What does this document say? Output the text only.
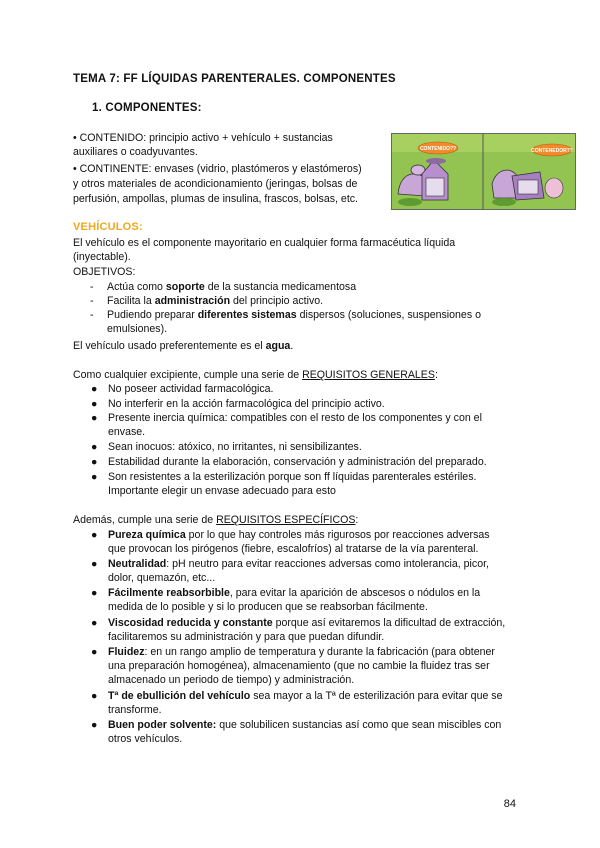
TEMA 7: FF LÍQUIDAS PARENTERALES. COMPONENTES
1. COMPONENTES:
• CONTENIDO: principio activo + vehículo + sustancias
auxiliares o coadyuvantes.
• CONTINENTE: envases (vidrio, plastómeros y elastómeros)
y otros materiales de acondicionamiento (jeringas, bolsas de
perfusión, ampollas, plumas de insulina, frascos, bolsas, etc.
CONTENIDO??	CONTENEDOR??
VEHÍCULOS:
El vehículo es el componente mayoritario en cualquier forma farmacéutica líquida
(inyectable).
OBJETIVOS:
- Actúa como soporte de la sustancia medicamentosa
- Facilita la administración del principio activo.
- Pudiendo preparar diferentes sistemas dispersos (soluciones, suspensiones o
emulsiones).
El vehículo usado preferentemente es el agua.
Como cualquier excipiente, cumple una serie de REQUISITOS GENERALES:
● No poseer actividad farmacológica.
● No interferir en la acción farmacológica del principio activo.
● Presente inercia química: compatibles con el resto de los componentes y con el
envase.
● Sean inocuos: atóxico, no irritantes, ni sensibilizantes.
● Estabilidad durante la elaboración, conservación y administración del preparado.
● Son resistentes a la esterilización porque son ff líquidas parenterales estériles.
Importante elegir un envase adecuado para esto
Además, cumple una serie de REQUISITOS ESPECÍFICOS:
● Pureza química por lo que hay controles más rigurosos por reacciones adversas
que provocan los pirógenos (fiebre, escalofríos) al tratarse de la vía parenteral.
● Neutralidad: pH neutro para evitar reacciones adversas como intolerancia, picor,
dolor, quemazón, etc...
● Fácilmente reabsorbible, para evitar la aparición de abscesos o nódulos en la
medida de lo posible y si lo producen que se reabsorban fácilmente.
● Viscosidad reducida y constante porque así evitaremos la dificultad de extracción,
facilitaremos su administración y para que puedan difundir.
● Fluidez: en un rango amplio de temperatura y durante la fabricación (para obtener
una preparación homogénea), almacenamiento (que no cambie la fluidez tras ser
almacenado un periodo de tiempo) y administración.
● Tª de ebullición del vehículo sea mayor a la Tª de esterilización para evitar que se
transforme.
● Buen poder solvente: que solubilicen sustancias así como que sean miscibles con
otros vehículos.
84
